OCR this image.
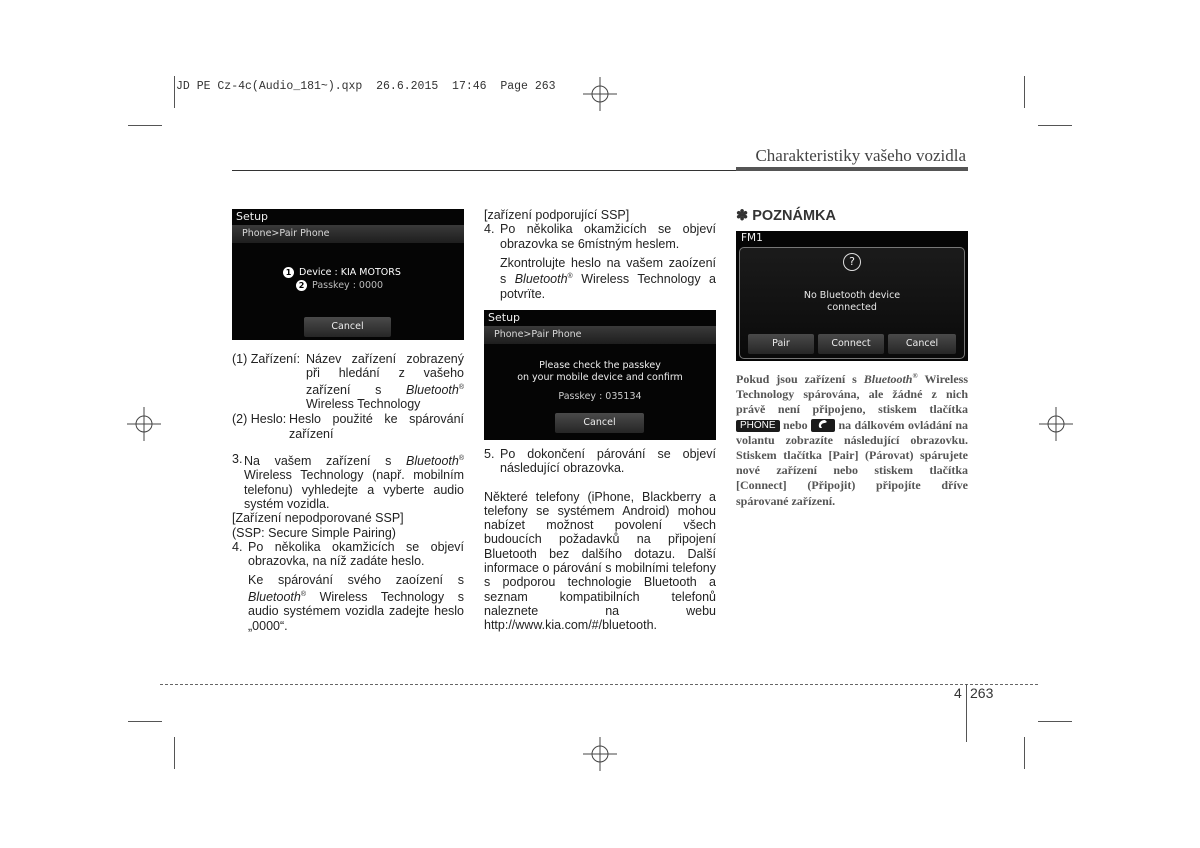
JD PE Cz-4c(Audio_181~).qxp  26.6.2015  17:46  Page 263
Charakteristiky vašeho vozidla
Setup
Phone>Pair Phone
1 Device : KIA MOTORS
2 Passkey : 0000
Cancel
(1) Zařízení: Název zařízení zobrazený při hledání z vašeho zařízení s Bluetooth® Wireless Technology
(2) Heslo: Heslo použité ke spárování zařízení
3. Na vašem zařízení s Bluetooth® Wireless Technology (např. mobilním telefonu) vyhledejte a vyberte audio systém vozidla.

[Zařízení nepodporované SSP]

(SSP: Secure Simple Pairing)

4. Po několika okamžicích se objeví obrazovka, na níž zadáte heslo.
Ke spárování svého zaoízení s Bluetooth® Wireless Technology s audio systémem vozidla zadejte heslo „0000“.

[zařízení podporující SSP]

4. Po několika okamžicích se objeví obrazovka se 6místným heslem.
Zkontrolujte heslo na vašem zaoízení s Bluetooth® Wireless Technology a potvrïte.
Setup
Phone>Pair Phone
Please check the passkey
on your mobile device and confirm
Passkey : 035134
Cancel
5. Po dokončení párování se objeví následující obrazovka.

Některé telefony (iPhone, Blackberry a telefony se systémem Android) mohou nabízet možnost povolení všech budoucích požadavků na připojení Bluetooth bez dalšího dotazu. Další informace o párování s mobilními telefony s podporou technologie Bluetooth a seznam kompatibilních telefonů naleznete na webu http://www.kia.com/#/bluetooth.

✽ POZNÁMKA
FM1
?
No Bluetooth device
connected
Pair	Connect	Cancel
Pokud jsou zařízení s Bluetooth® Wireless Technology spárována, ale žádné z nich právě není připojeno, stiskem tlačítka PHONE nebo	na dálkovém ovládání na volantu zobrazíte následující obrazovku. Stiskem tlačítka [Pair] (Párovat) spárujete nové zařízení nebo stiskem tlačítka [Connect] (Připojit) připojíte dříve spárované zařízení.
4 263
